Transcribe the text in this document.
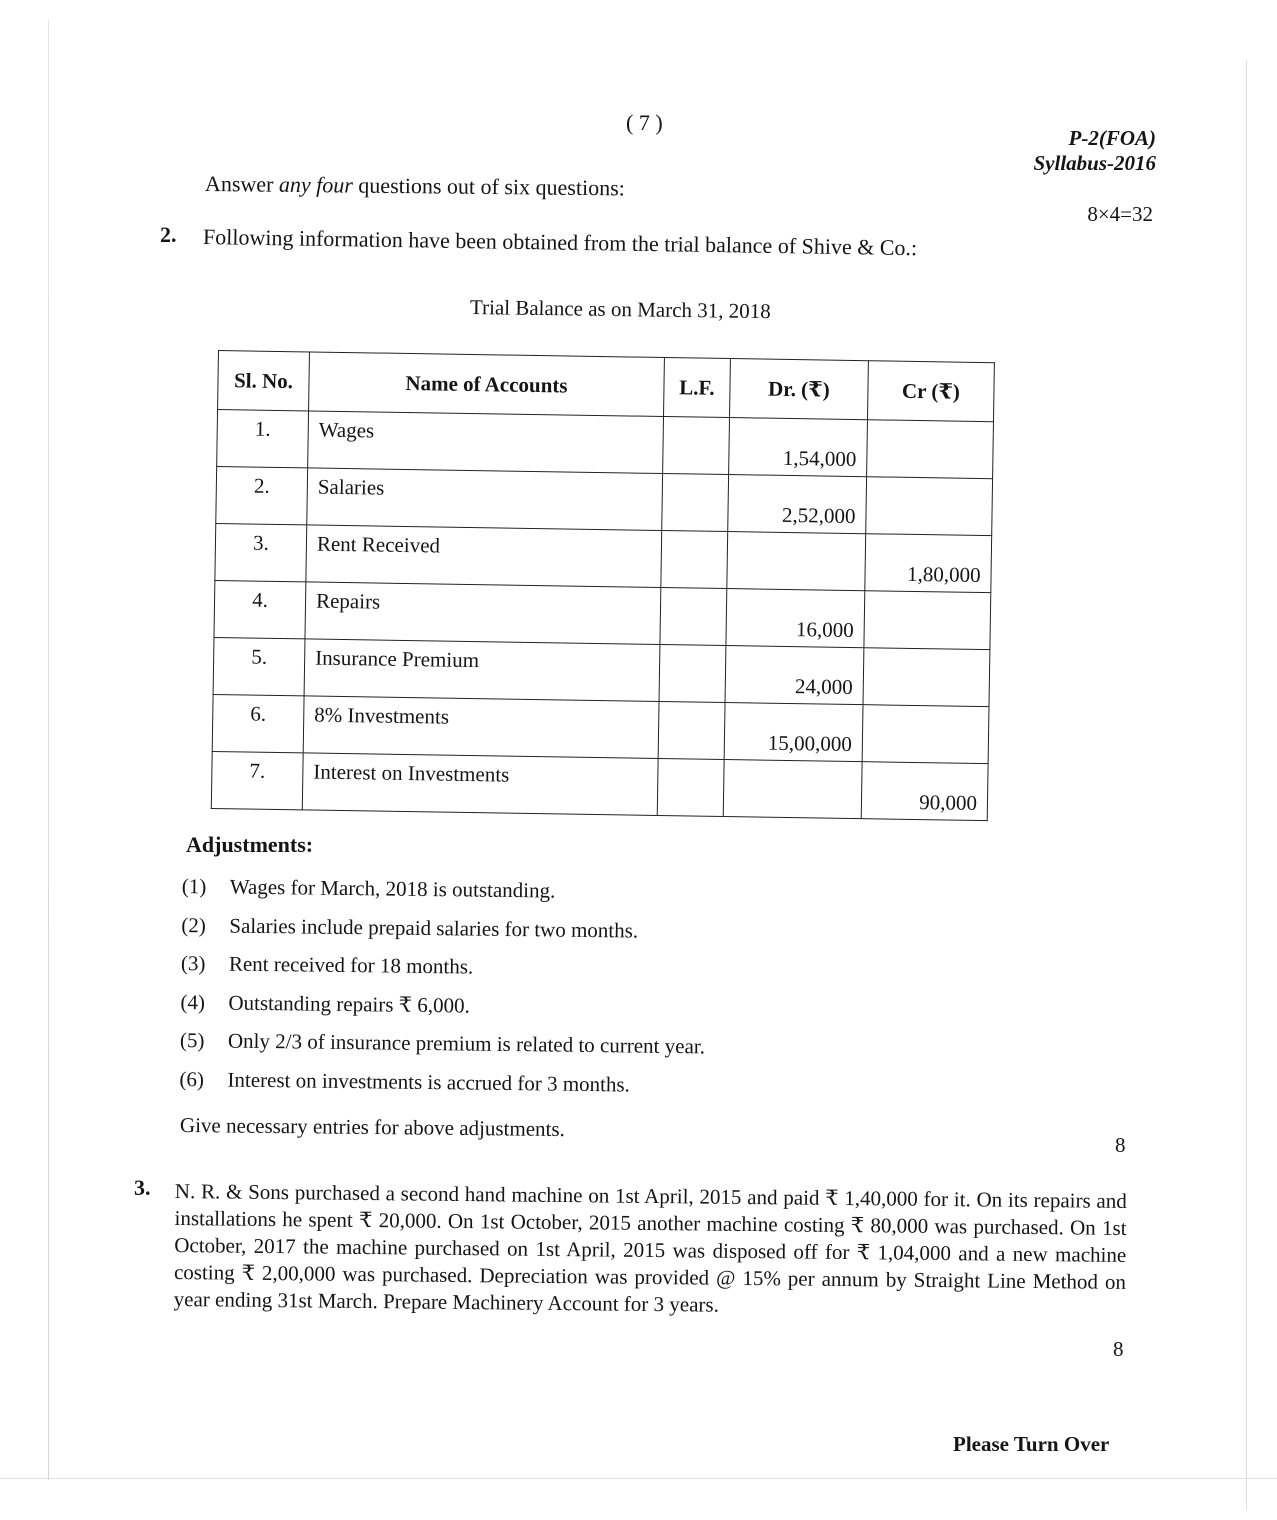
( 7 )
P-2(FOA)
Syllabus-2016
Answer any four questions out of six questions:
8×4=32
2. Following information have been obtained from the trial balance of Shive & Co.:
Trial Balance as on March 31, 2018
Sl. No.	Name of Accounts	L.F.	Dr. (₹)	Cr (₹)
1.	Wages		1,54,000	
2.	Salaries		2,52,000	
3.	Rent Received			1,80,000
4.	Repairs		16,000	
5.	Insurance Premium		24,000	
6.	8% Investments		15,00,000	
7.	Interest on Investments			90,000
Adjustments:
(1)	Wages for March, 2018 is outstanding.
(2)	Salaries include prepaid salaries for two months.
(3)	Rent received for 18 months.
(4)	Outstanding repairs ₹ 6,000.
(5)	Only 2/3 of insurance premium is related to current year.
(6)	Interest on investments is accrued for 3 months.
Give necessary entries for above adjustments.
8
3. N. R. & Sons purchased a second hand machine on 1st April, 2015 and paid ₹ 1,40,000 for it. On its repairs and installations he spent ₹ 20,000. On 1st October, 2015 another machine costing ₹ 80,000 was purchased. On 1st October, 2017 the machine purchased on 1st April, 2015 was disposed off for ₹ 1,04,000 and a new machine costing ₹ 2,00,000 was purchased. Depreciation was provided @ 15% per annum by Straight Line Method on year ending 31st March. Prepare Machinery Account for 3 years.
8
Please Turn Over
